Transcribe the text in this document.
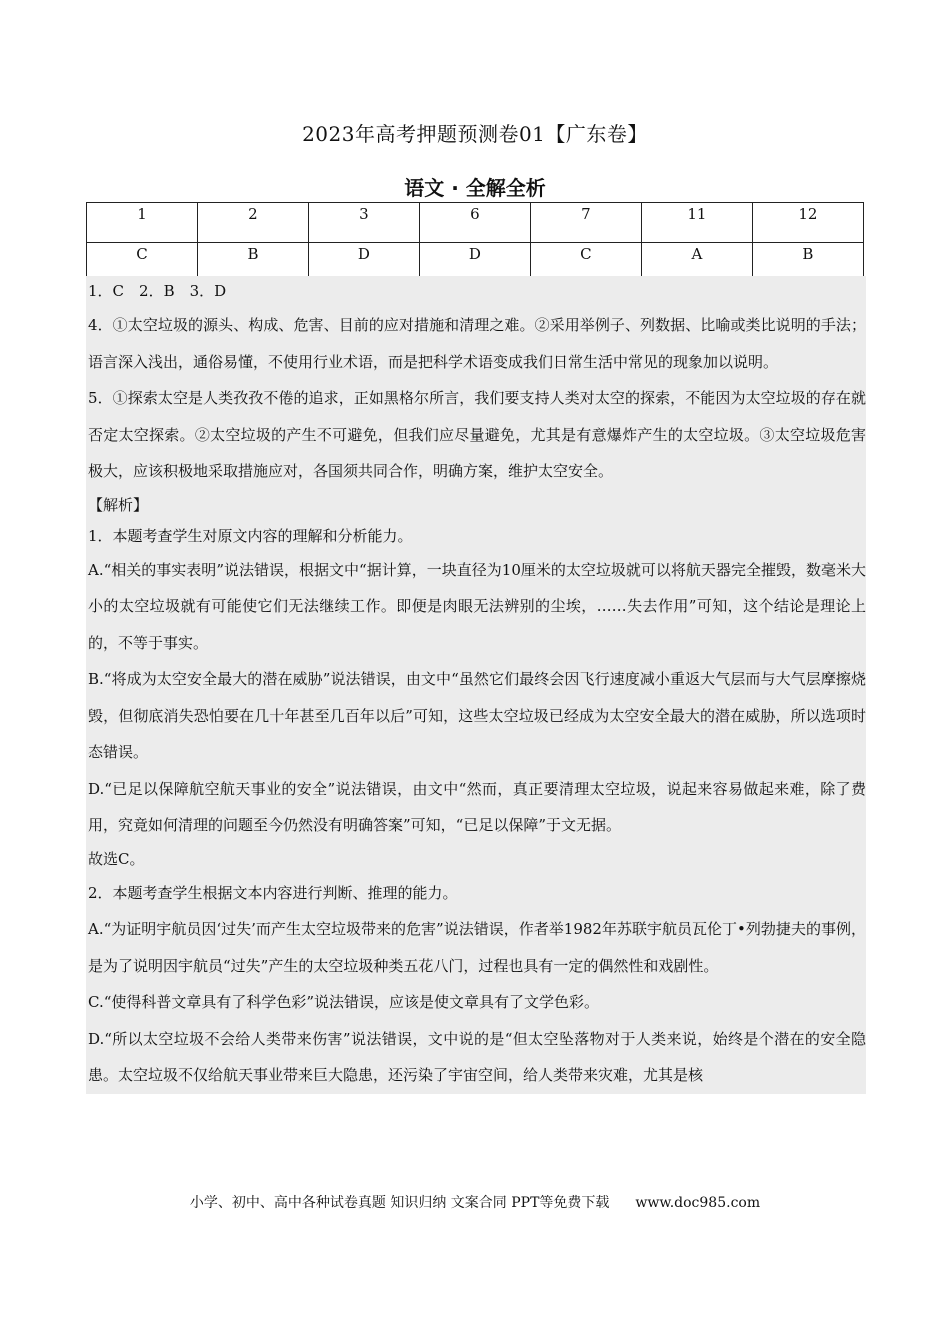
2023年高考押题预测卷01【广东卷】
语文 · 全解全析
1	2	3	6	7	11	12
C	B	D	D	C	A	B

1．C　2．B　3．D

4．①太空垃圾的源头、构成、危害、目前的应对措施和清理之难。②采用举例子、列数据、比喻或类比说明的手法；语言深入浅出，通俗易懂，不使用行业术语，而是把科学术语变成我们日常生活中常见的现象加以说明。

5．①探索太空是人类孜孜不倦的追求，正如黑格尔所言，我们要支持人类对太空的探索，不能因为太空垃圾的存在就否定太空探索。②太空垃圾的产生不可避免，但我们应尽量避免，尤其是有意爆炸产生的太空垃圾。③太空垃圾危害极大，应该积极地采取措施应对，各国须共同合作，明确方案，维护太空安全。

【解析】

1．本题考查学生对原文内容的理解和分析能力。

A.“相关的事实表明”说法错误，根据文中“据计算，一块直径为10厘米的太空垃圾就可以将航天器完全摧毁，数毫米大小的太空垃圾就有可能使它们无法继续工作。即便是肉眼无法辨别的尘埃，……失去作用”可知，这个结论是理论上的，不等于事实。

B.“将成为太空安全最大的潜在威胁”说法错误，由文中“虽然它们最终会因飞行速度减小重返大气层而与大气层摩擦烧毁，但彻底消失恐怕要在几十年甚至几百年以后”可知，这些太空垃圾已经成为太空安全最大的潜在威胁，所以选项时态错误。

D.“已足以保障航空航天事业的安全”说法错误，由文中“然而，真正要清理太空垃圾，说起来容易做起来难，除了费用，究竟如何清理的问题至今仍然没有明确答案”可知，“已足以保障”于文无据。

故选C。

2．本题考查学生根据文本内容进行判断、推理的能力。

A.“为证明宇航员因‘过失’而产生太空垃圾带来的危害”说法错误，作者举1982年苏联宇航员瓦伦丁•列勃捷夫的事例，是为了说明因宇航员“过失”产生的太空垃圾种类五花八门，过程也具有一定的偶然性和戏剧性。

C.“使得科普文章具有了科学色彩”说法错误，应该是使文章具有了文学色彩。

D.“所以太空垃圾不会给人类带来伤害”说法错误，文中说的是“但太空坠落物对于人类来说，始终是个潜在的安全隐患。太空垃圾不仅给航天事业带来巨大隐患，还污染了宇宙空间，给人类带来灾难，尤其是核

小学、初中、高中各种试卷真题 知识归纳 文案合同 PPT等免费下载 www.doc985.com
